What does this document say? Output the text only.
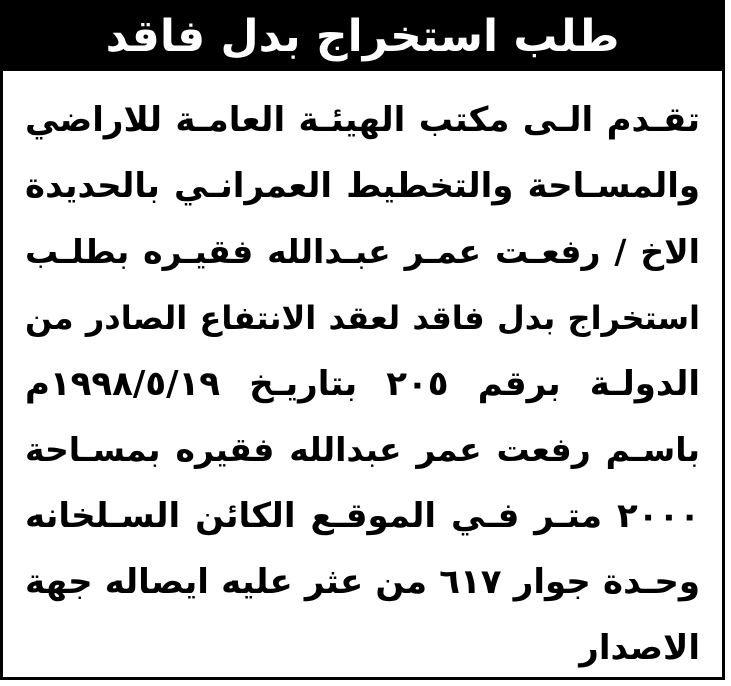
طلب استخراج بدل فاقد
تقـدم الـى مكتب الهيئـة العامـة للاراضي
والمسـاحة والتخطيط العمرانـي بالحديدة
الاخ / رفعـت عمـر عبـدالله فقيـره بطلـب
استخراج بدل فاقد لعقد الانتفاع الصادر من
الدولـة برقم ٢٠٥ بتاريـخ ١٩٩٨/٥/١٩م
باسـم رفعت عمر عبدالله فقيره بمسـاحة
٢٠٠٠ متـر فـي الموقـع الكائن السـلخانه
وحـدة جوار ٦١٧ من عثر عليه ايصاله جهة
الاصدار
